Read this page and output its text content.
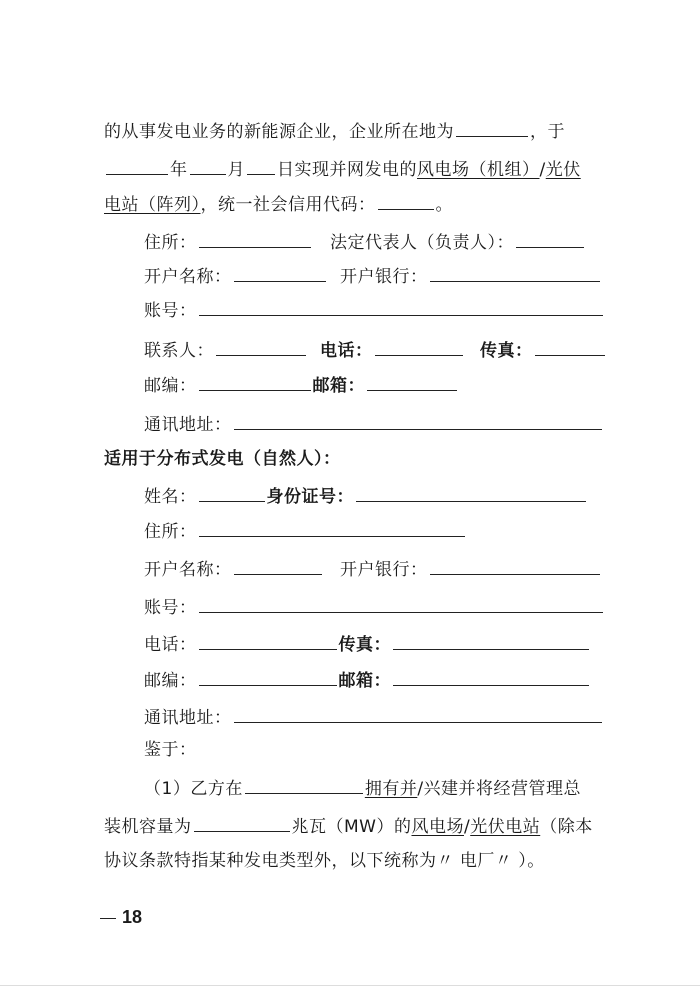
的从事发电业务的新能源企业，企业所在地为	，于
年 月 日实现并网发电的风电场（机组）/光伏
电站（阵列），统一社会信用代码：	。
住所：	法定代表人（负责人）：
开户名称：	开户银行：
账号：
联系人：	电话：	传真：
邮编：	邮箱：
通讯地址：
适用于分布式发电（自然人）：
姓名：	身份证号：
住所：
开户名称：	开户银行：
账号：
电话：	传真：
邮编：	邮箱：
通讯地址：
鉴于：
（1）乙方在	拥有并/兴建并将经营管理总
装机容量为	兆瓦（MW）的风电场/光伏电站（除本
协议条款特指某种发电类型外，以下统称为〃 电厂〃 ）。
18
